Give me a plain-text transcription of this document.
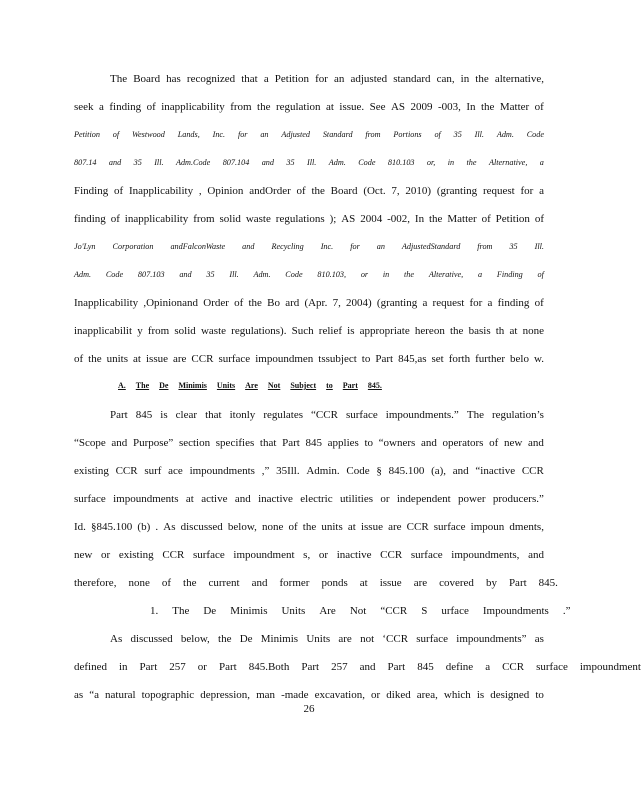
The Board has recognized that a Petition for an adjusted standard can, in the alternative,
seek a finding of inapplicability from the regulation at issue. See AS 2009 -003, In the Matter of
Petition of Westwood Lands, Inc. for an Adjusted Standard from Portions of 35 Ill. Adm. Code
807.14 and 35 Ill. Adm.Code 807.104 and 35 Ill. Adm. Code 810.103 or, in the Alternative, a
Finding of Inapplicability , Opinion andOrder of the Board (Oct. 7, 2010) (granting request for a
finding of inapplicability from solid waste regulations ); AS 2004 -002, In the Matter of Petition of
Jo'Lyn Corporation andFalconWaste and Recycling Inc. for an AdjustedStandard from 35 Ill.
Adm. Code 807.103 and 35 Ill. Adm. Code 810.103, or in the Alterative, a Finding of
Inapplicability ,Opinionand Order of the Bo ard (Apr. 7, 2004) (granting a request for a finding of
inapplicabilit y from solid waste regulations). Such relief is appropriate hereon the basis th at none
of the units at issue are CCR surface impoundmen tssubject to Part 845,as set forth further belo w.
A. The De Minimis Units Are Not Subject to Part 845.
Part 845 is clear that itonly regulates “CCR surface impoundments.” The regulation’s
“Scope and Purpose” section specifies that Part 845 applies to “owners and operators of new and
existing CCR surf ace impoundments ,” 35Ill. Admin. Code § 845.100 (a), and “inactive CCR
surface impoundments at active and inactive electric utilities or independent power producers.”
Id. §845.100 (b) . As discussed below, none of the units at issue are CCR surface impoun dments,
new or existing CCR surface impoundment s, or inactive CCR surface impoundments, and
therefore, none of the current and former ponds at issue are covered by Part 845.
1. The De Minimis Units Are Not “CCR S urface Impoundments .”
As discussed below, the De Minimis Units are not ‘CCR surface impoundments” as
defined in Part 257 or Part 845.Both Part 257 and Part 845 define a CCR surface impoundment
as “a natural topographic depression, man -made excavation, or diked area, which is designed to
26
